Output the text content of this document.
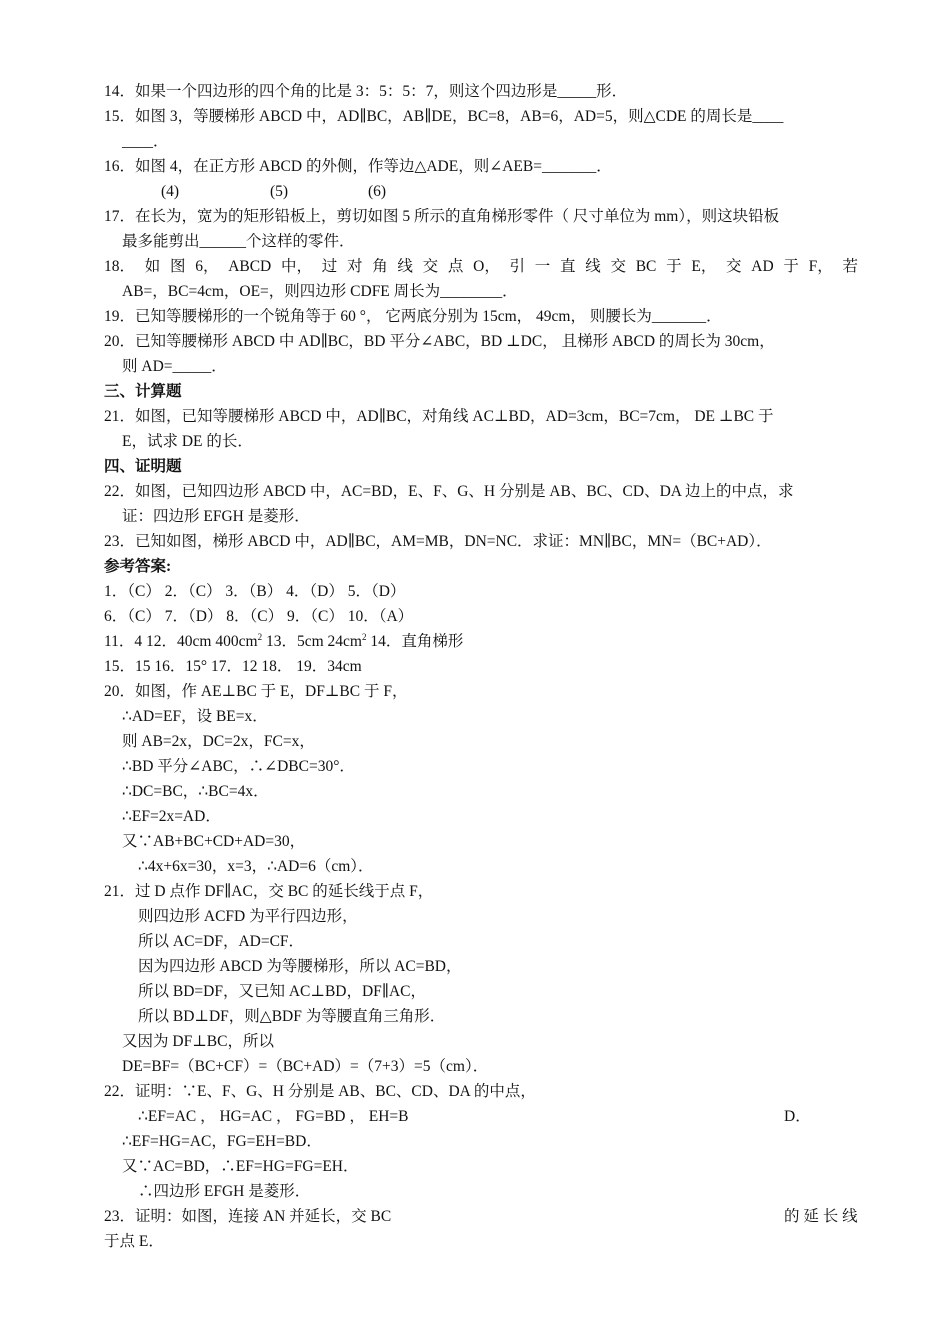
14．如果一个四边形的四个角的比是 3：5：5：7，则这个四边形是_____形．
15．如图 3，等腰梯形 ABCD 中，AD∥BC，AB∥DE，BC=8，AB=6，AD=5，则△CDE 的周长是____
____．
16．如图 4，在正方形 ABCD 的外侧，作等边△ADE，则∠AEB=_______．
(4)	(5)	(6)
17．在长为，宽为的矩形铅板上，剪切如图 5 所示的直角梯形零件（ 尺寸单位为 mm），则这块铅板
最多能剪出______个这样的零件．
18． 如 图 6， ABCD 中， 过 对 角 线 交 点 O， 引 一 直 线 交 BC 于 E， 交 AD 于 F， 若
AB=，BC=4cm，OE=，则四边形 CDFE 周长为________．
19．已知等腰梯形的一个锐角等于 60 °， 它两底分别为 15cm， 49cm， 则腰长为_______．
20．已知等腰梯形 ABCD 中 AD∥BC，BD 平分∠ABC，BD ⊥DC， 且梯形 ABCD 的周长为 30cm，
则 AD=_____．
三、计算题
21．如图，已知等腰梯形 ABCD 中，AD∥BC，对角线 AC⊥BD，AD=3cm，BC=7cm， DE ⊥BC 于
E，试求 DE 的长．
四、证明题
22．如图，已知四边形 ABCD 中，AC=BD，E、F、G、H 分别是 AB、BC、CD、DA 边上的中点，求
证：四边形 EFGH 是菱形．
23．已知如图，梯形 ABCD 中，AD∥BC，AM=MB，DN=NC．求证：MN∥BC，MN=（BC+AD）．
参考答案:
1．（C） 2．（C） 3．（B） 4．（D） 5．（D）
6．（C） 7．（D） 8．（C） 9．（C） 10．（A）
11．4 12．40cm $400cm^2$ 13．5cm $24cm^2$ 14．直角梯形
15．15 16．15° 17．12 18． 19．34cm
20．如图，作 AE⊥BC 于 E，DF⊥BC 于 F，
∴AD=EF，设 BE=x．
则 AB=2x，DC=2x，FC=x，
∴BD 平分∠ABC，∴∠DBC=30°．
∴DC=BC，∴BC=4x．
∴EF=2x=AD．
又∵AB+BC+CD+AD=30，
∴4x+6x=30，x=3，∴AD=6（cm）．
21．过 D 点作 DF∥AC，交 BC 的延长线于点 F，
则四边形 ACFD 为平行四边形，
所以 AC=DF，AD=CF．
因为四边形 ABCD 为等腰梯形，所以 AC=BD，
所以 BD=DF，又已知 AC⊥BD，DF∥AC，
所以 BD⊥DF，则△BDF 为等腰直角三角形．
又因为 DF⊥BC，所以
DE=BF=（BC+CF）=（BC+AD）=（7+3）=5（cm）．
22．证明：∵E、F、G、H 分别是 AB、BC、CD、DA 的中点，
∴EF=AC ， HG=AC ， FG=BD ， EH=B	D．
∴EF=HG=AC，FG=EH=BD．
又∵AC=BD，∴EF=HG=FG=EH．
∴四边形 EFGH 是菱形．
23．证明：如图，连接 AN 并延长，交 BC	的 延 长 线
于点 E．
